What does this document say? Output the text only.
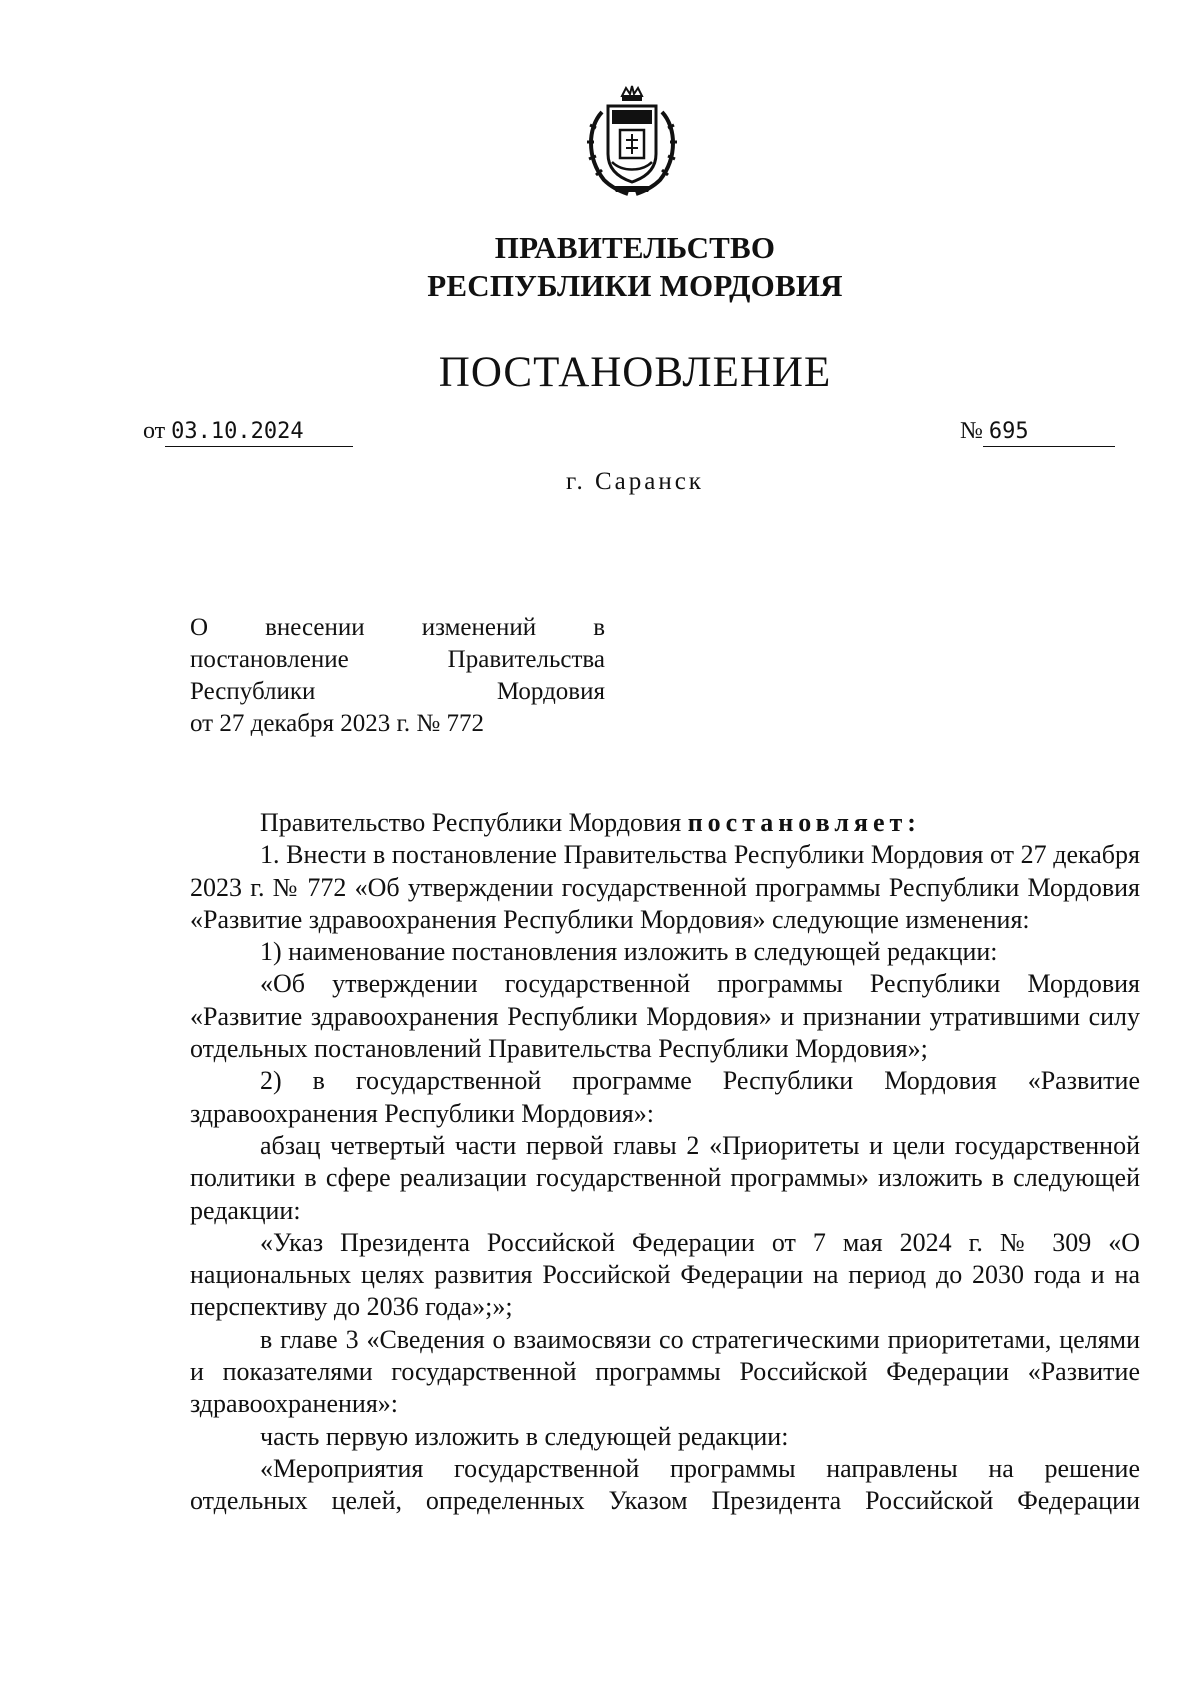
ПРАВИТЕЛЬСТВО
РЕСПУБЛИКИ МОРДОВИЯ
ПОСТАНОВЛЕНИЕ
от 03.10.2024	№ 695
г. Саранск
О внесении изменений в
постановление	Правительства
Республики	Мордовия
от 27 декабря 2023 г. № 772

Правительство Республики Мордовия постановляет:

1. Внести в постановление Правительства Республики Мордовия от 27 декабря 2023 г. № 772 «Об утверждении государственной программы Республики Мордовия «Развитие здравоохранения Республики Мордовия» следующие изменения:

1) наименование постановления изложить в следующей редакции:

«Об утверждении государственной программы Республики Мордовия «Развитие здравоохранения Республики Мордовия» и признании утратившими силу отдельных постановлений Правительства Республики Мордовия»;

2) в государственной программе Республики Мордовия «Развитие здравоохранения Республики Мордовия»:

абзац четвертый части первой главы 2 «Приоритеты и цели государственной политики в сфере реализации государственной программы» изложить в следующей редакции:

«Указ Президента Российской Федерации от 7 мая 2024 г. № 309 «О национальных целях развития Российской Федерации на период до 2030 года и на перспективу до 2036 года»;»;

в главе 3 «Сведения о взаимосвязи со стратегическими приоритетами, целями и показателями государственной программы Российской Федерации «Развитие здравоохранения»:

часть первую изложить в следующей редакции:

«Мероприятия государственной программы направлены на решение отдельных целей, определенных Указом Президента Российской Федерации
